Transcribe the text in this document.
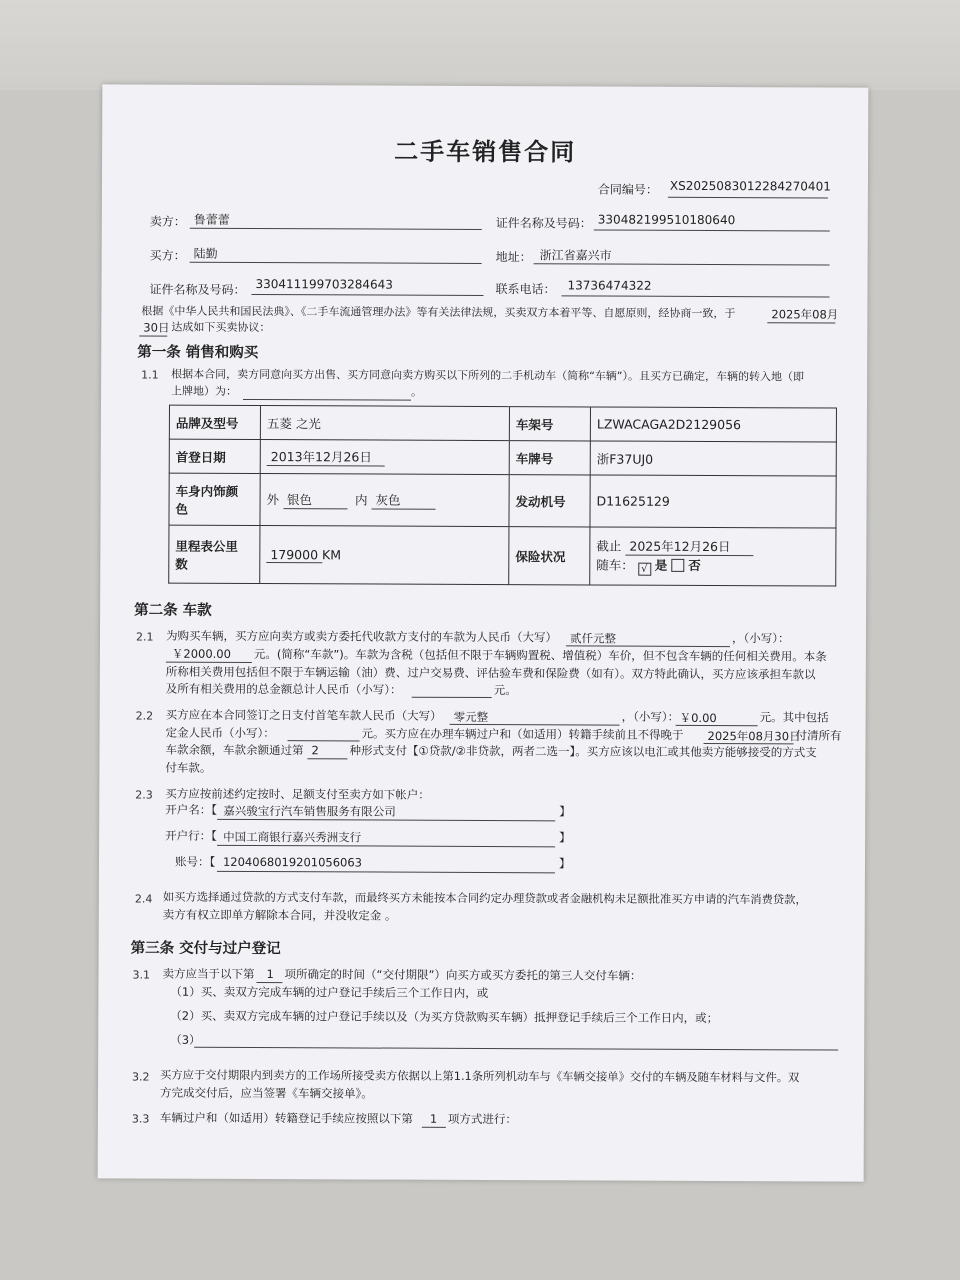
二手车销售合同
合同编号： XS2025083012284270401
卖方： 鲁蕾蕾	证件名称及号码： 330482199510180640
买方： 陆勤	地址： 浙江省嘉兴市
证件名称及号码： 330411199703284643	联系电话： 13736474322
根据《中华人民共和国民法典》、《二手车流通管理办法》等有关法律法规，买卖双方本着平等、自愿原则，经协商一致，于	2025年08月
30日 达成如下买卖协议：
第一条 销售和购买
1.1 根据本合同，卖方同意向买方出售、买方同意向卖方购买以下所列的二手机动车（简称“车辆”）。且买方已确定，车辆的转入地（即
上牌地）为：	。
品牌及型号	五菱 之光	车架号	LZWACAGA2D2129056
首登日期	2013年12月26日	车牌号	浙F37UJ0
车身内饰颜
色	外 银色 内 灰色	发动机号	D11625129
里程表公里
数	179000 KM	保险状况	截止 2025年12月26日
随车： √ 是 否
第二条 车款
2.1 为购买车辆，买方应向卖方或卖方委托代收款方支付的车款为人民币（大写） 贰仟元整	，（小写）：
￥2000.00 元。(简称“车款”)。车款为含税（包括但不限于车辆购置税、增值税）车价，但不包含车辆的任何相关费用。本条
所称相关费用包括但不限于车辆运输（油）费、过户交易费、评估验车费和保险费（如有）。双方特此确认，买方应该承担车款以
及所有相关费用的总金额总计人民币（小写）：	元。
2.2 买方应在本合同签订之日支付首笔车款人民币（大写） 零元整	，（小写）： ￥0.00	元。其中包括
定金人民币（小写）：	元。买方应在办理车辆过户和（如适用）转籍手续前且不得晚于 2025年08月30日
付清所有
车款余额，车款余额通过第 2	种形式支付【①贷款/②非贷款，两者二选一】。买方应该以电汇或其他卖方能够接受的方式支
付车款。
2.3 买方应按前述约定按时、足额支付至卖方如下帐户：
开户名：【 嘉兴骏宝行汽车销售服务有限公司	】
开户行：【 中国工商银行嘉兴秀洲支行	】
账号：【 1204068019201056063	】
2.4 如买方选择通过贷款的方式支付车款，而最终买方未能按本合同约定办理贷款或者金融机构未足额批准买方申请的汽车消费贷款，
卖方有权立即单方解除本合同，并没收定金 。
第三条 交付与过户登记
3.1 卖方应当于以下第 1 项所确定的时间（“交付期限”）向买方或买方委托的第三人交付车辆：
（1）买、卖双方完成车辆的过户登记手续后三个工作日内，或
（2）买、卖双方完成车辆的过户登记手续以及（为买方贷款购买车辆）抵押登记手续后三个工作日内，或；
（3）
3.2 买方应于交付期限内到卖方的工作场所接受卖方依据以上第1.1条所列机动车与《车辆交接单》交付的车辆及随车材料与文件。双
方完成交付后，应当签署《车辆交接单》。
3.3 车辆过户和（如适用）转籍登记手续应按照以下第 1 项方式进行：
